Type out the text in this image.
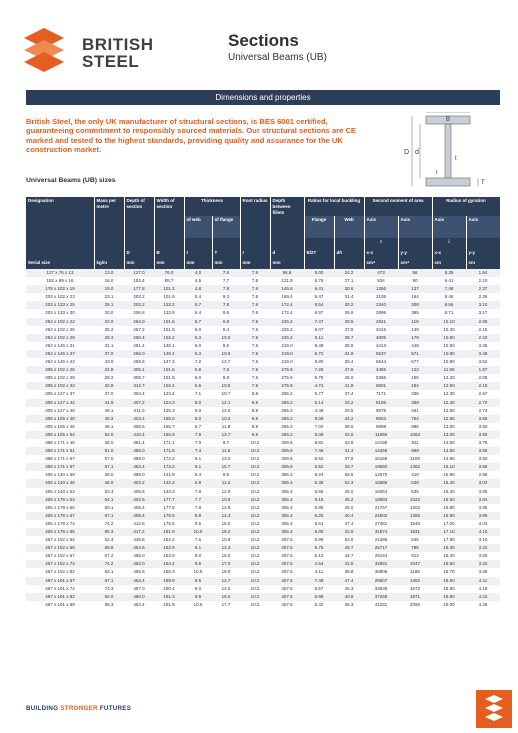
BRITISH
STEEL
Sections
Universal Beams (UB)
Dimensions and properties
British Steel, the only UK manufacturer of structural sections, is BES 6001 certified, guaranteeing commitment to responsibly sourced materials. Our structural sections are CE marked and tested to the highest standards, providing quality and assurance for the UK construction market.
Universal Beams (UB) sizes
B
D d
t
T
r
Designation	Mass per metre	Depth of section	Width of section	Thickness		Root radius	Depth between fillets	Ratios for local buckling		Second moment of area		Radius of gyration	
				of web	of flange			Flange	Web	Axis	Axis	Axis	Axis
										I		i	
		D	B	t	T	r	d	B/2T	d/t	x-x	y-y	x-x	y-y
Serial size	kg/m	mm	mm	mm	mm	mm	mm			cm⁴	cm⁴	cm	cm
127 x 76 x 13	13.0	127.0	76.0	4.0	7.6	7.6	96.6	5.00	24.2	473	56	5.35	1.84
152 x 89 x 16	16.0	152.4	88.7	4.5	7.7	7.6	121.8	5.76	27.1	834	90	6.41	2.10
178 x 102 x 19	19.0	177.8	101.2	4.8	7.9	7.6	146.8	6.41	30.6	1356	137	7.48	2.37
203 x 102 x 23	23.1	203.2	101.8	5.4	9.3	7.6	169.4	5.47	31.4	2105	164	8.46	2.36
203 x 133 x 25	25.1	203.2	133.2	5.7	7.8	7.6	172.4	8.54	30.2	2340	308	8.56	3.10
203 x 133 x 30	30.0	206.8	133.9	6.4	9.6	7.6	172.4	6.97	26.9	2896	385	8.71	3.17
254 x 102 x 22	22.0	254.0	101.6	5.7	6.8	7.6	225.2	7.47	39.5	2841	119	10.10	2.06
254 x 102 x 25	25.2	257.2	101.9	6.0	8.4	7.6	225.2	6.07	37.5	3415	149	10.30	2.15
254 x 102 x 28	28.3	260.4	102.2	6.3	10.0	7.6	225.2	5.11	35.7	4005	179	10.50	2.22
254 x 146 x 31	31.1	251.4	146.1	6.0	8.6	7.6	219.0	8.49	36.5	4413	448	10.50	3.36
254 x 146 x 37	37.0	256.0	146.4	6.3	10.9	7.6	219.0	6.72	34.8	5537	571	10.80	3.48
254 x 146 x 43	43.0	259.6	147.3	7.2	12.7	7.6	219.0	5.80	30.4	6544	677	10.90	3.52
305 x 102 x 25	24.8	305.1	101.6	5.8	7.0	7.6	275.9	7.26	47.6	4455	123	11.90	1.97
305 x 102 x 28	28.2	308.7	101.8	6.0	8.8	7.6	275.9	5.78	46.0	5366	155	12.20	2.08
305 x 102 x 33	32.8	312.7	102.4	6.6	10.8	7.6	275.9	4.74	41.8	6501	194	12.50	2.15
305 x 127 x 37	37.0	304.4	123.4	7.1	10.7	8.9	265.2	5.77	37.4	7171	336	12.30	2.67
305 x 127 x 42	41.9	307.2	124.3	8.0	12.1	8.9	265.2	5.14	33.2	8196	389	12.40	2.70
305 x 127 x 48	48.1	311.0	125.3	9.0	14.0	8.9	265.2	4.48	29.5	9575	461	12.50	2.74
305 x 165 x 40	40.3	303.4	165.0	6.0	10.2	8.9	265.2	8.09	44.2	8503	764	12.90	3.86
305 x 165 x 46	46.1	306.6	165.7	6.7	11.8	8.9	265.2	7.02	39.6	9899	896	13.00	3.90
305 x 165 x 54	54.0	310.4	166.9	7.9	13.7	8.9	265.2	6.09	33.6	11696	1063	13.00	3.93
356 x 171 x 45	45.0	351.4	171.1	7.0	9.7	10.2	306.6	8.82	43.8	12195	811	14.50	3.75
356 x 171 x 51	51.0	355.0	171.5	7.4	11.5	10.2	306.6	7.46	41.4	14265	969	14.80	3.85
356 x 171 x 57	57.0	358.0	172.2	8.1	13.0	10.2	306.6	6.62	37.9	16168	1109	14.90	3.90
356 x 171 x 67	67.1	363.4	173.2	9.1	15.7	10.2	306.6	5.52	33.7	19592	1362	15.10	3.98
406 x 140 x 39	39.0	398.0	141.8	6.4	8.6	10.2	355.4	8.24	55.5	12670	410	15.90	2.86
406 x 140 x 46	46.0	403.2	142.2	6.8	11.2	10.2	355.4	6.35	52.3	15686	538	16.40	3.02
406 x 140 x 53	53.3	406.6	143.3	7.9	12.9	10.2	355.4	5.55	45.0	18454	635	16.40	3.05
406 x 178 x 54	54.1	402.6	177.7	7.7	10.9	10.2	355.4	8.15	46.2	18893	1022	16.50	3.84
406 x 178 x 60	60.1	406.4	177.9	7.9	12.8	10.2	355.4	6.95	45.0	21767	1203	16.80	3.95
406 x 178 x 67	67.1	409.4	178.8	8.8	14.3	10.2	355.4	6.25	40.4	24502	1365	16.90	3.98
406 x 178 x 74	74.2	412.8	179.5	9.5	16.0	10.2	355.4	5.61	37.4	27481	1546	17.00	4.03
406 x 178 x 85	85.3	417.2	181.9	10.9	18.2	10.2	355.4	5.00	32.6	31874	1831	17.10	4.10
457 x 152 x 52	52.3	449.8	152.4	7.6	10.9	10.2	407.6	6.99	53.6	21386	645	17.90	3.10
457 x 152 x 60	59.8	454.6	152.9	8.1	13.3	10.2	407.6	5.75	49.7	25717	795	18.30	3.22
457 x 152 x 67	67.2	458.0	153.8	9.0	15.0	10.2	407.6	5.13	44.7	29144	913	18.40	3.26
457 x 152 x 74	74.2	462.0	154.4	9.6	17.0	10.2	407.6	4.54	42.5	32891	1047	18.60	3.32
457 x 152 x 82	82.1	465.8	155.3	10.5	18.9	10.2	407.6	4.11	38.8	36806	1185	18.70	3.36
457 x 191 x 67	67.1	453.4	189.9	8.5	12.7	10.2	407.6	7.48	47.4	29507	1452	18.60	4.11
457 x 191 x 74	74.3	457.0	190.4	9.0	14.5	10.2	407.6	6.57	45.3	33636	1672	18.80	4.19
457 x 191 x 82	82.0	460.0	191.3	9.9	16.0	10.2	407.6	5.98	40.8	37268	1871	18.80	4.22
457 x 191 x 89	89.3	463.4	191.9	10.5	17.7	10.2	407.6	5.42	38.3	41231	2090	19.00	4.28
BUILDING STRONGER FUTURES
